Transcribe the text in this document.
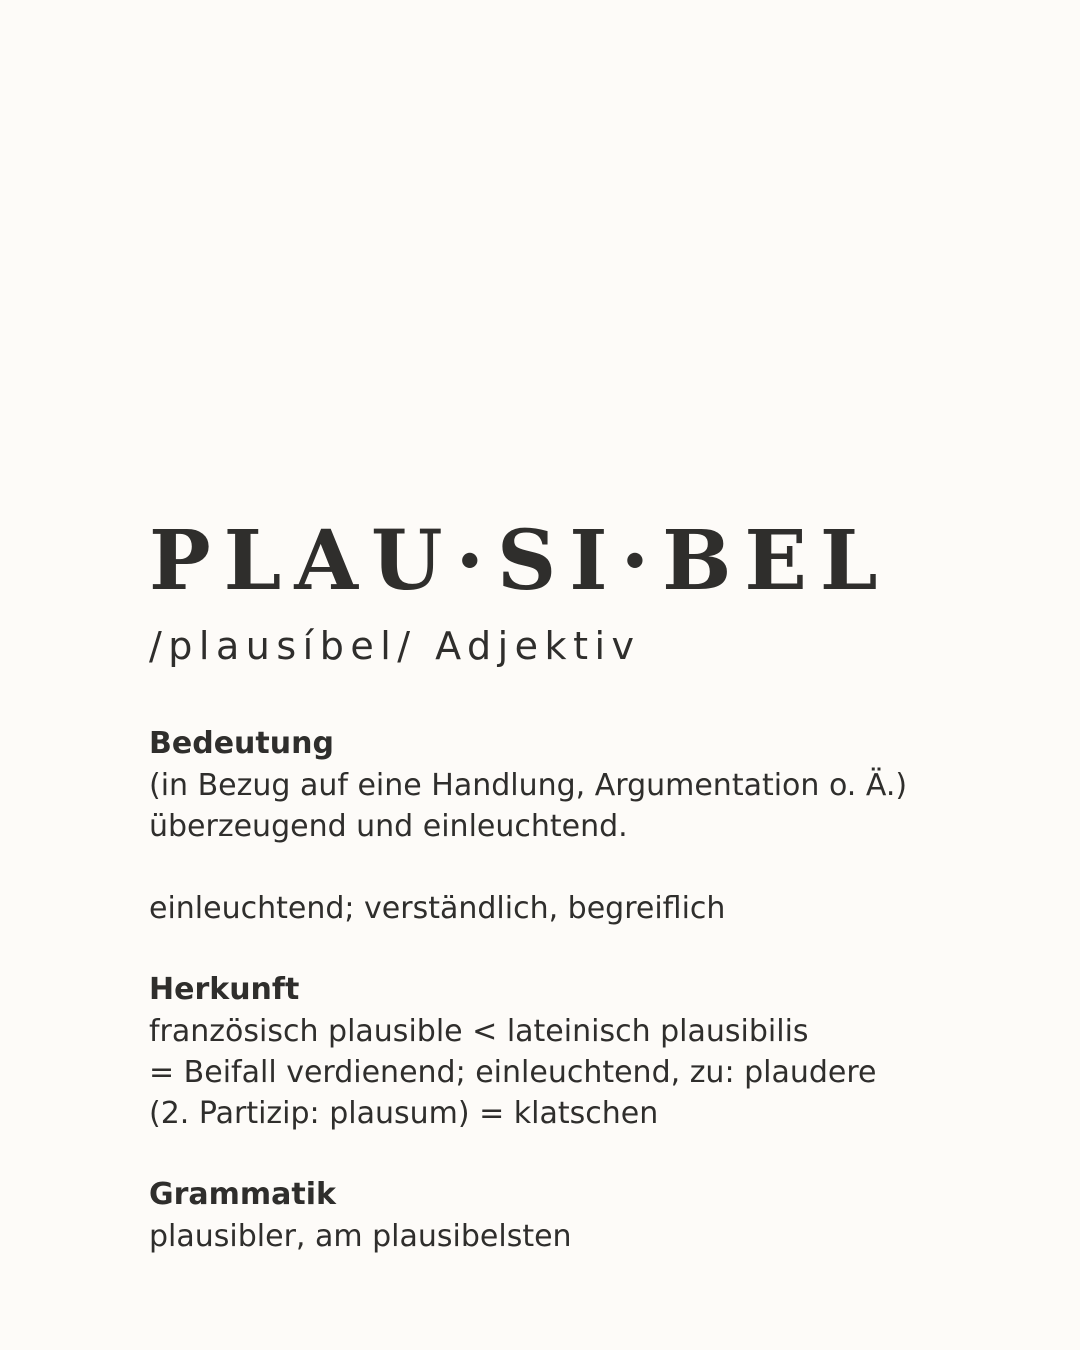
PLAU·SI·BEL
/plausíbel/ Adjektiv
Bedeutung

(in Bezug auf eine Handlung, Argumentation o. Ä.)
überzeugend und einleuchtend.
einleuchtend; verständlich, begreiflich

Herkunft

französisch plausible < lateinisch plausibilis
= Beifall verdienend; einleuchtend, zu: plaudere
(2. Partizip: plausum) = klatschen

Grammatik

plausibler, am plausibelsten
